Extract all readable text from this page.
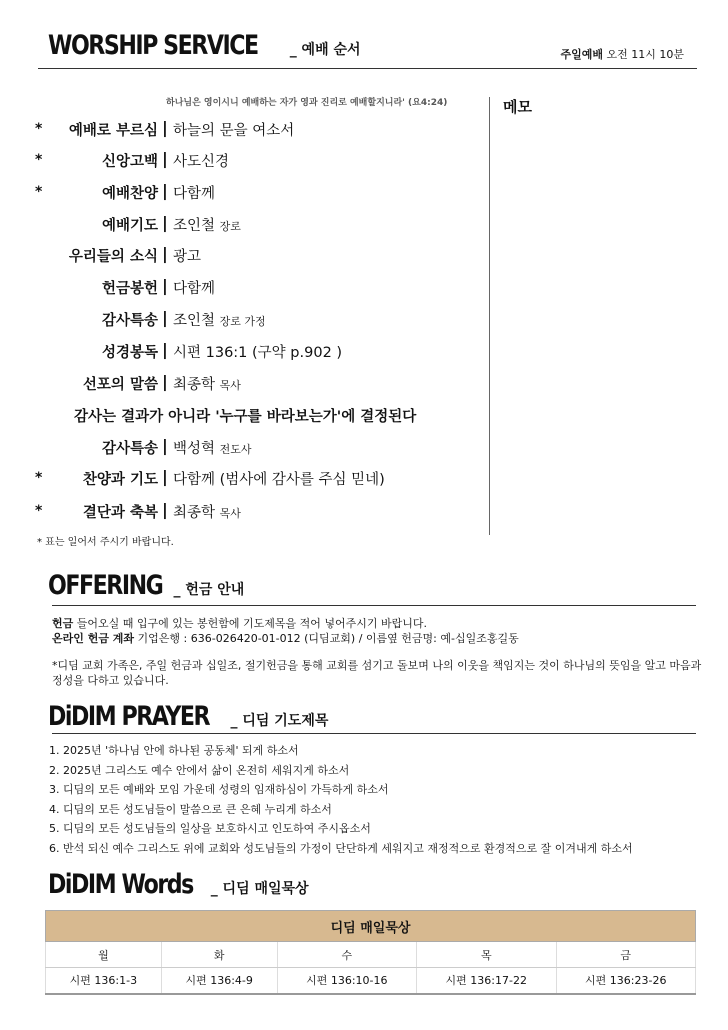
WORSHIP SERVICE _ 예배 순서	주일예배 오전 11시 10분
하나님은 영이시니 예배하는 자가 영과 진리로 예배할지니라' (요4:24)	메모
* 예배로 부르심 | 하늘의 문을 여소서
*	신앙고백 | 사도신경
*	예배찬양 | 다함께
예배기도 | 조인철 장로
우리들의 소식 | 광고
헌금봉헌 | 다함께
감사특송 | 조인철 장로 가정
성경봉독 | 시편 136:1 (구약 p.902 )
선포의 말씀 | 최종학 목사
감사는 결과가 아니라 '누구를 바라보는가'에 결정된다
감사특송 | 백성혁 전도사
*	찬양과 기도 | 다함께 (범사에 감사를 주심 믿네)
*	결단과 축복 | 최종학 목사
* 표는 일어서 주시기 바랍니다.
OFFERING _ 헌금 안내
헌금 들어오실 때 입구에 있는 봉헌함에 기도제목을 적어 넣어주시기 바랍니다.
온라인 헌금 계좌 기업은행 : 636-026420-01-012 (디딤교회) / 이름옆 헌금명: 예-십일조홍길동
*디딤 교회 가족은, 주일 헌금과 십일조, 절기헌금을 통해 교회를 섬기고 돌보며 나의 이웃을 책임지는 것이 하나님의 뜻임을 알고 마음과 정성을 다하고 있습니다.
DiDIM PRAYER _ 디딤 기도제목
1. 2025년 '하나님 안에 하나된 공동체' 되게 하소서
2. 2025년 그리스도 예수 안에서 삶이 온전히 세워지게 하소서
3. 디딤의 모든 예배와 모임 가운데 성령의 임재하심이 가득하게 하소서
4. 디딤의 모든 성도님들이 말씀으로 큰 은혜 누리게 하소서
5. 디딤의 모든 성도님들의 일상을 보호하시고 인도하여 주시옵소서
6. 반석 되신 예수 그리스도 위에 교회와 성도님들의 가정이 단단하게 세워지고 재정적으로 환경적으로 잘 이겨내게 하소서
DiDIM Words _ 디딤 매일묵상
디딤 매일묵상				
월	화	수	목	금
시편 136:1-3	시편 136:4-9	시편 136:10-16	시편 136:17-22	시편 136:23-26
